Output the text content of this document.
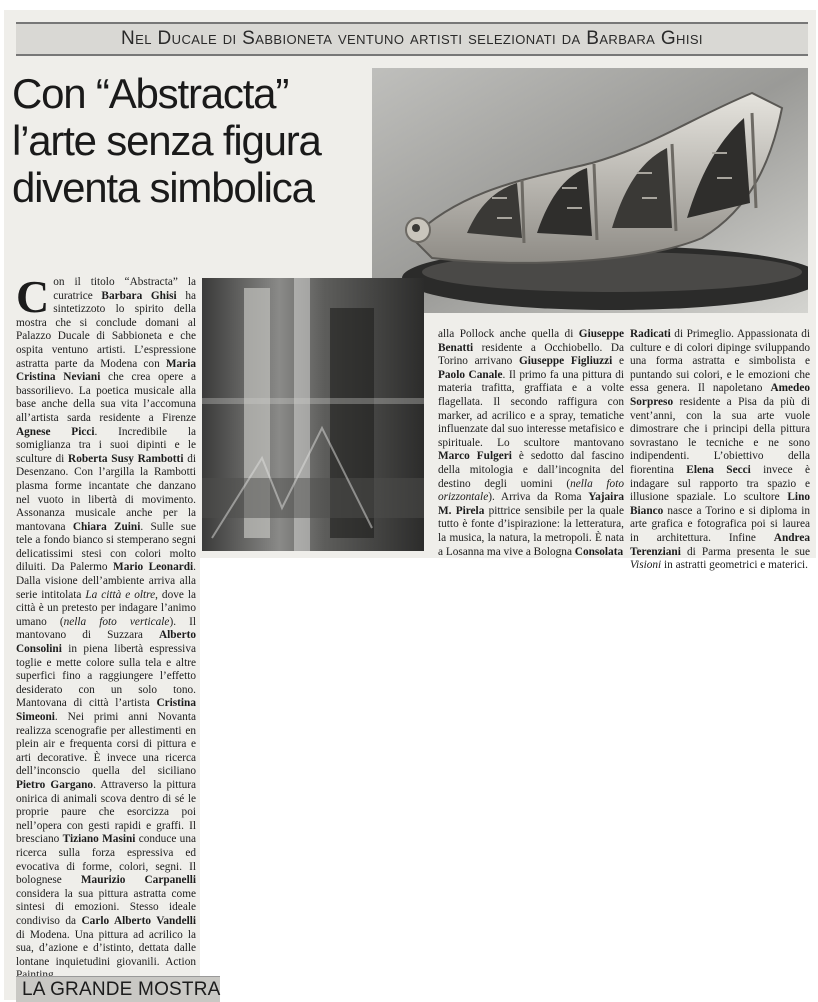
Nel Ducale di Sabbioneta ventuno artisti selezionati da Barbara Ghisi
Con “Abstracta”
l’arte senza figura
diventa simbolica
C on il titolo “Abstracta” la curatrice Barbara Ghisi ha sintetizzoto lo spirito della mostra che si conclude domani al Palazzo Ducale di Sabbioneta e che ospita ventuno artisti. L’espressione astratta parte da Modena con Maria Cristina Neviani che crea opere a bassorilievo. La poetica musicale alla base anche della sua vita l’accomuna all’artista sarda residente a Firenze Agnese Picci. Incredibile la somiglianza tra i suoi dipinti e le sculture di Roberta Susy Rambotti di Desenzano. Con l’argilla la Rambotti plasma forme incantate che danzano nel vuoto in libertà di movimento. Assonanza musicale anche per la mantovana Chiara Zuini. Sulle sue tele a fondo bianco si stemperano segni delicatissimi stesi con colori molto diluiti. Da Palermo Mario Leonardi. Dalla visione dell’ambiente arriva alla serie intitolata La città e oltre, dove la città è un pretesto per indagare l’animo umano (nella foto verticale). Il mantovano di Suzzara Alberto Consolini in piena libertà espressiva toglie e mette colore sulla tela e altre superfici fino a raggiungere l’effetto desiderato con un solo tono. Mantovana di città l’artista Cristina Simeoni. Nei primi anni Novanta realizza scenografie per allestimenti en plein air e frequenta corsi di pittura e arti decorative. È invece una ricerca dell’inconscio quella del siciliano Pietro Gargano. Attraverso la pittura onirica di animali scova dentro di sé le proprie paure che esorcizza poi nell’opera con gesti rapidi e graffi. Il bresciano Tiziano Masini conduce una ricerca sulla forza espressiva ed evocativa di forme, colori, segni. Il bolognese Maurizio Carpanelli considera la sua pittura astratta come sintesi di emozioni. Stesso ideale condiviso da Carlo Alberto Vandelli di Modena. Una pittura ad acrilico la sua, d’azione e d’istinto, dettata dalle lontane inquietudini giovanili. Action

alla Pollock anche quella di Giuseppe Benatti residente a Occhiobello. Da Torino arrivano Giuseppe Figliuzzi e Paolo Canale. Il primo fa una pittura di materia trafitta, graffiata e a volte flagellata. Il secondo raffigura con marker, ad acrilico e a spray, tematiche influenzate dal suo interesse metafisico e spirituale. Lo scultore mantovano Marco Fulgeri è sedotto dal fascino della mitologia e dall’incognita del destino degli uomini (nella foto orizzontale). Arriva da Roma Yajaira M. Pirela pittrice sensibile per la quale tutto è fonte d’ispirazione: la letteratura, la musica, la natura, la metropoli. È nata a Losanna ma vive a Bologna Consolata

Radicati di Primeglio. Appassionata di culture e di colori dipinge sviluppando una forma astratta e simbolista e puntando sui colori, e le emozioni che essa genera. Il napoletano Amedeo Sorpreso residente a Pisa da più di vent’anni, con la sua arte vuole dimostrare che i principi della pittura sovrastano le tecniche e ne sono indipendenti. L’obiettivo della fiorentina Elena Secci invece è indagare sul rapporto tra spazio e illusione spaziale. Lo scultore Lino Bianco nasce a Torino e si diploma in arte grafica e fotografica poi si laurea in architettura. Infine Andrea Terenziani di Parma presenta le sue Visioni in astratti geometrici e materici.

LA GRANDE MOSTRA
